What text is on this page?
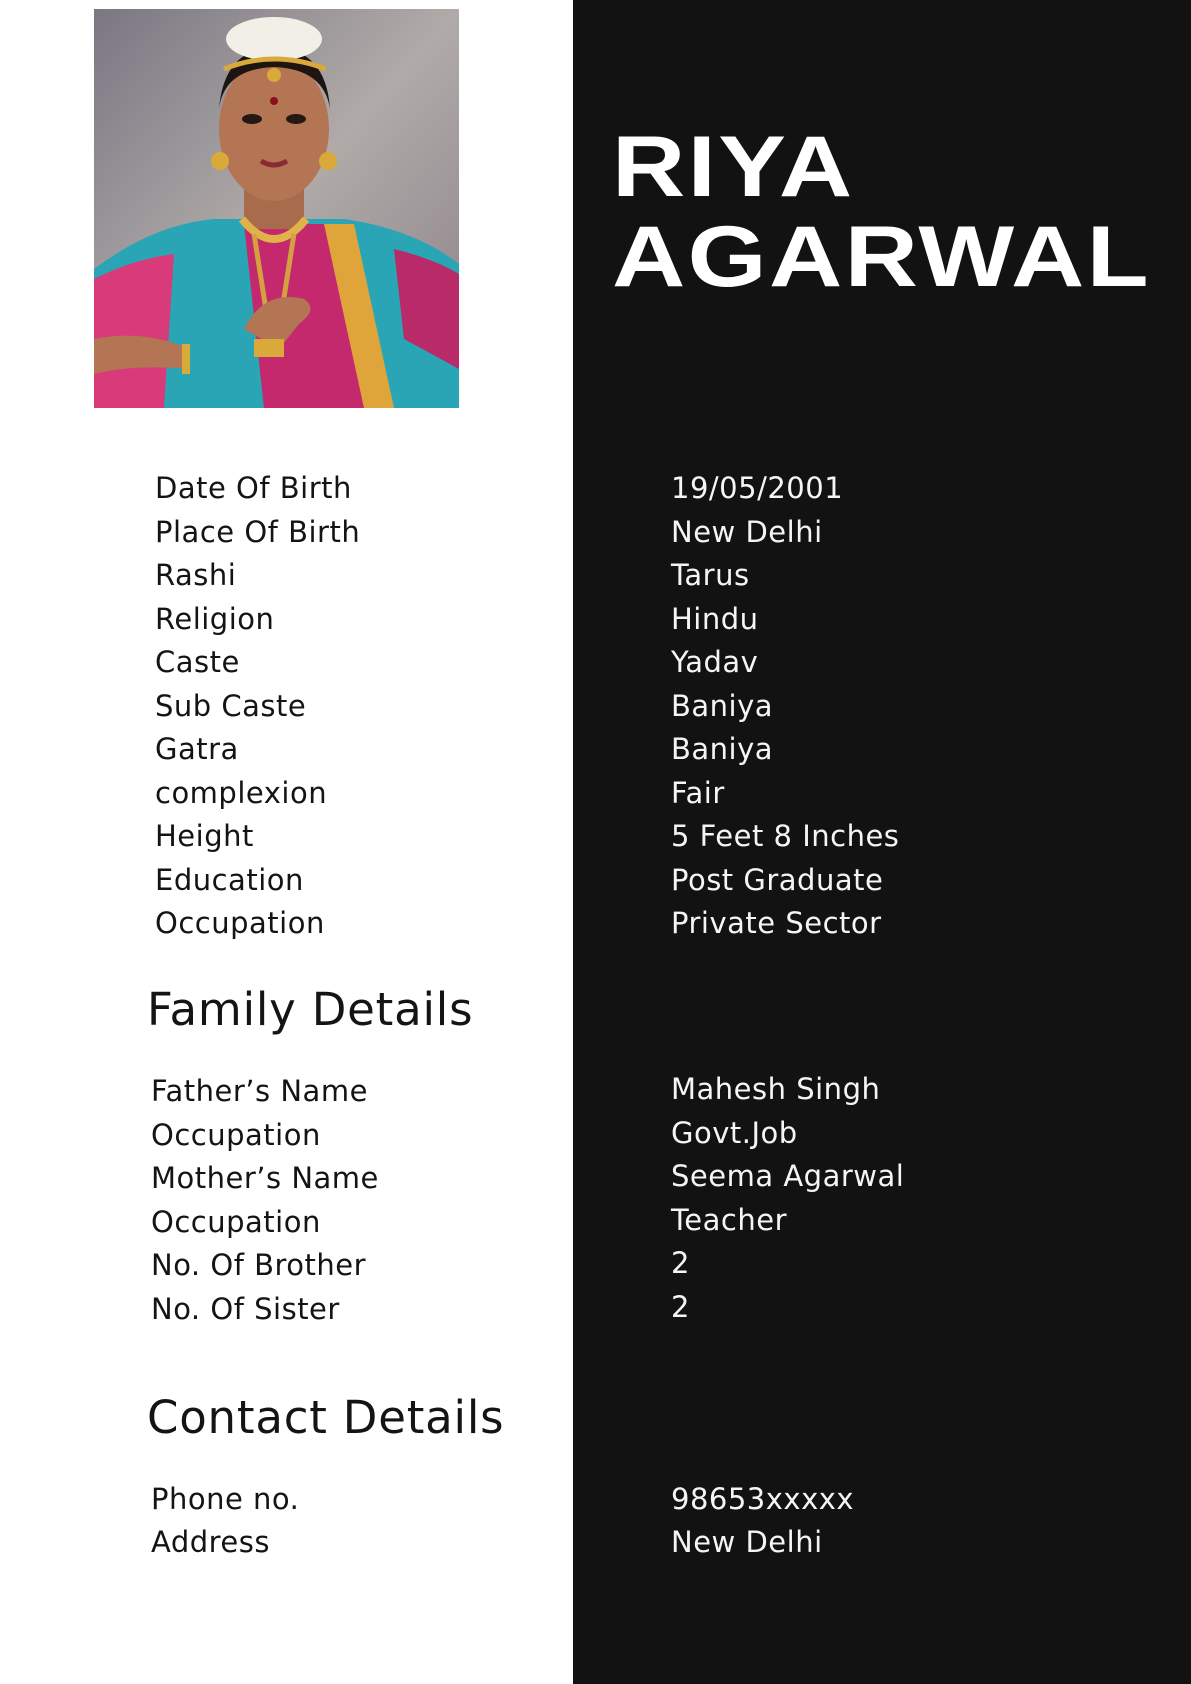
RIYA
AGARWAL
Date Of Birth	19/05/2001
Place Of Birth	New Delhi
Rashi	Tarus
Religion	Hindu
Caste	Yadav
Sub Caste	Baniya
Gatra	Baniya
complexion	Fair
Height	5 Feet 8 Inches
Education	Post Graduate
Occupation	Private Sector
Family Details
Father’s Name	Mahesh Singh
Occupation	Govt.Job
Mother’s Name	Seema Agarwal
Occupation	Teacher
No. Of Brother	2
No. Of Sister	2
Contact Details
Phone no.	98653xxxxx
Address	New Delhi
